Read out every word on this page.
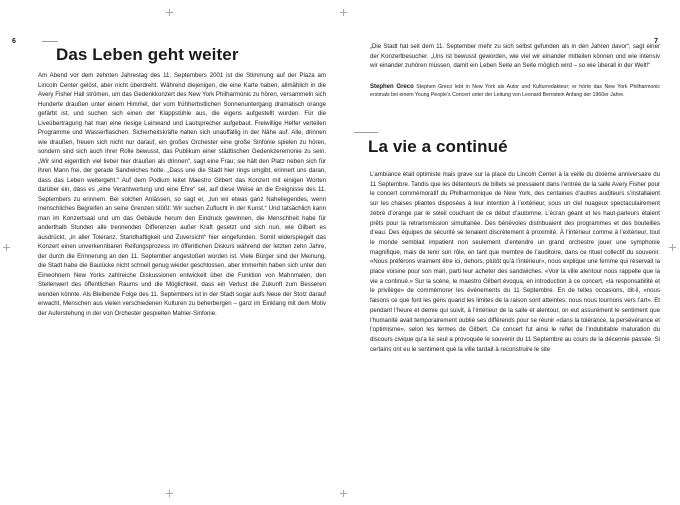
6
Das Leben geht weiter

Am Abend vor dem zehnten Jahrestag des 11. Septembers 2001 ist die Stimmung auf der Plaza am Lincoln Center gelöst, aber nicht überdreht. Während diejenigen, die eine Karte haben, allmählich in die Avery Fisher Hall strömen, um das Gedenkkonzert des New York Philharmonic zu hören, versammeln sich Hunderte draußen unter einem Himmel, der vom frühherbstlichen Sonnenuntergang dramatisch orange gefärbt ist, und suchen sich einen der Klappstühle aus, die eigens aufgestellt wurden. Für die Liveübertragung hat man eine riesige Leinwand und Lautsprecher aufgebaut. Freiwillige Helfer verteilen Programme und Wasserflaschen. Sicherheitskräfte halten sich unauffällig in der Nähe auf. Alle, drinnen wie draußen, freuen sich nicht nur darauf, ein großes Orchester eine große Sinfonie spielen zu hören, sondern sind sich auch ihrer Rolle bewusst, das Publikum einer städtischen Gedenkzeremonie zu sein. „Wir sind eigentlich viel lieber hier draußen als drinnen“, sagt eine Frau; sie hält den Platz neben sich für ihren Mann frei, der gerade Sandwiches holte. „Dass une die Stadt hier rings umgibt, erinnert uns daran, dass das Leben weitergeht.“ Auf dem Podium leitet Maestro Gilbert das Konzert mit einigen Worten darüber ein, dass es „eine Verantwortung und eine Ehre“ sei, auf diese Weise an die Ereignisse des 11. Septembers zu erinnern. Bei solchen Anlässen, so sagt er, „tun wir etwas ganz Naheliegendes, wenn menschliches Begreifen an seine Grenzen stößt: Wir suchen Zuflucht in der Kunst.“ Und tatsächlich kann man im Konzertsaal und um das Gebäude herum den Eindruck gewinnen, die Menschheit habe für anderthalb Stunden alle trennenden Differenzen außer Kraft gesetzt und sich nun, wie Gilbert es ausdrückt, „in aller Toleranz, Standhaftigkeit und Zuversicht“ hier eingefunden. Somit widerspiegelt das Konzert einen unverkennbaren Reifungsprozess im öffentlichen Diskurs während der letzten zehn Jahre, der durch die Erinnerung an den 11. September angestoßen worden ist. Viele Bürger sind der Meinung, die Stadt habe die Baulücke nicht schnell genug wieder geschlossen, aber immerhin haben sich unter den Einwohnern New Yorks zahlreiche Diskussionen entwickelt über die Funktion von Mahnmalen, den Stellenwert des öffentlichen Raums und die Möglichkeit, dass ein Verlust die Zukunft zum Besseren wenden könnte. Als Bleibende Folge des 11. Septembers ist in der Stadt sogar aufs Neue der Stolz darauf erwacht, Menschen aus vielen verschiedenen Kulturen zu beherbergen – ganz im Einklang mit dem Motiv der Auferstehung in der von Orchester gespielten Mahler-Sinfonie.

7

„Die Stadt hat seit dem 11. September mehr zu sich selbst gefunden als in den Jahren davor“, sagt einer der Konzertbesucher. „Uns ist bewusst geworden, wie viel wir einander mitteilen können und wie intensiv wir einander zuhören müssen, damit ein Leben Seite an Seite möglich wird – so wie überall in der Welt!“

Stephen Greco Stephen Greco lebt in New York als Autor und Kulturredakteur; er hörte das New York Philharmonic erstmals bei einem Young People’s Concert unter der Leitung von Leonard Bernstein Anfang der 1960er Jahre.

La vie a continué

L’ambiance était optimiste mais grave sur la place du Lincoln Center à la veille du dixième anniversaire du 11 Septembre. Tandis que les détenteurs de billets se pressaient dans l’entrée de la salle Avery Fisher pour le concert commémoratif du Philharmonique de New York, des centaines d’autres auditeurs s’installaient sur les chaises pliantes disposées à leur intention à l’extérieur, sous un ciel nuageux spectaculairement zébré d’orange par le soleil couchant de ce début d’automne. L’écran géant et les haut-parleurs étaient prêts pour la retransmission simultanée. Des bénévoles distribuaient des programmes et des bouteilles d’eau. Des équipes de sécurité se tenaient discrètement à proximité. À l’intérieur comme à l’extérieur, tout le monde semblait impatient non seulement d’entendre un grand orchestre jouer une symphonie magnifique, mais de tenir son rôle, en tant que membre de l’auditoire, dans ce rituel collectif du souvenir. «Nous préférons vraiment être ici, dehors, plutôt qu’à l’intérieur», nous explique une femme qui réservait la place voisine pour son mari, parti leur acheter des sandwiches. «Voir la ville alentour nous rappelle que la vie a continué.» Sur la scène, le maestro Gilbert évoqua, en introduction à ce concert, «la responsabilité et le privilège» de commémorer les événements du 11 Septembre. En de telles occasions, dit-il, «nous faisons ce que font les gens quand les limites de la raison sont atteintes: nous nous tournons vers l’art». Et pendant l’heure et demie qui suivit, à l’intérieur de la salle et alentour, on eut assurément le sentiment que l’humanité avait temporairement oublié ses différends pour se réunir «dans la tolérance, la persévérance et l’optimisme», selon les termes de Gilbert. Ce concert fut ainsi le reflet de l’indubitable maturation du discours civique qu’a lui seul a provoquée le souvenir du 11 Septembre au cours de la décennie passée. Si certains ont eu le sentiment que la ville tardait à reconstruire le site
